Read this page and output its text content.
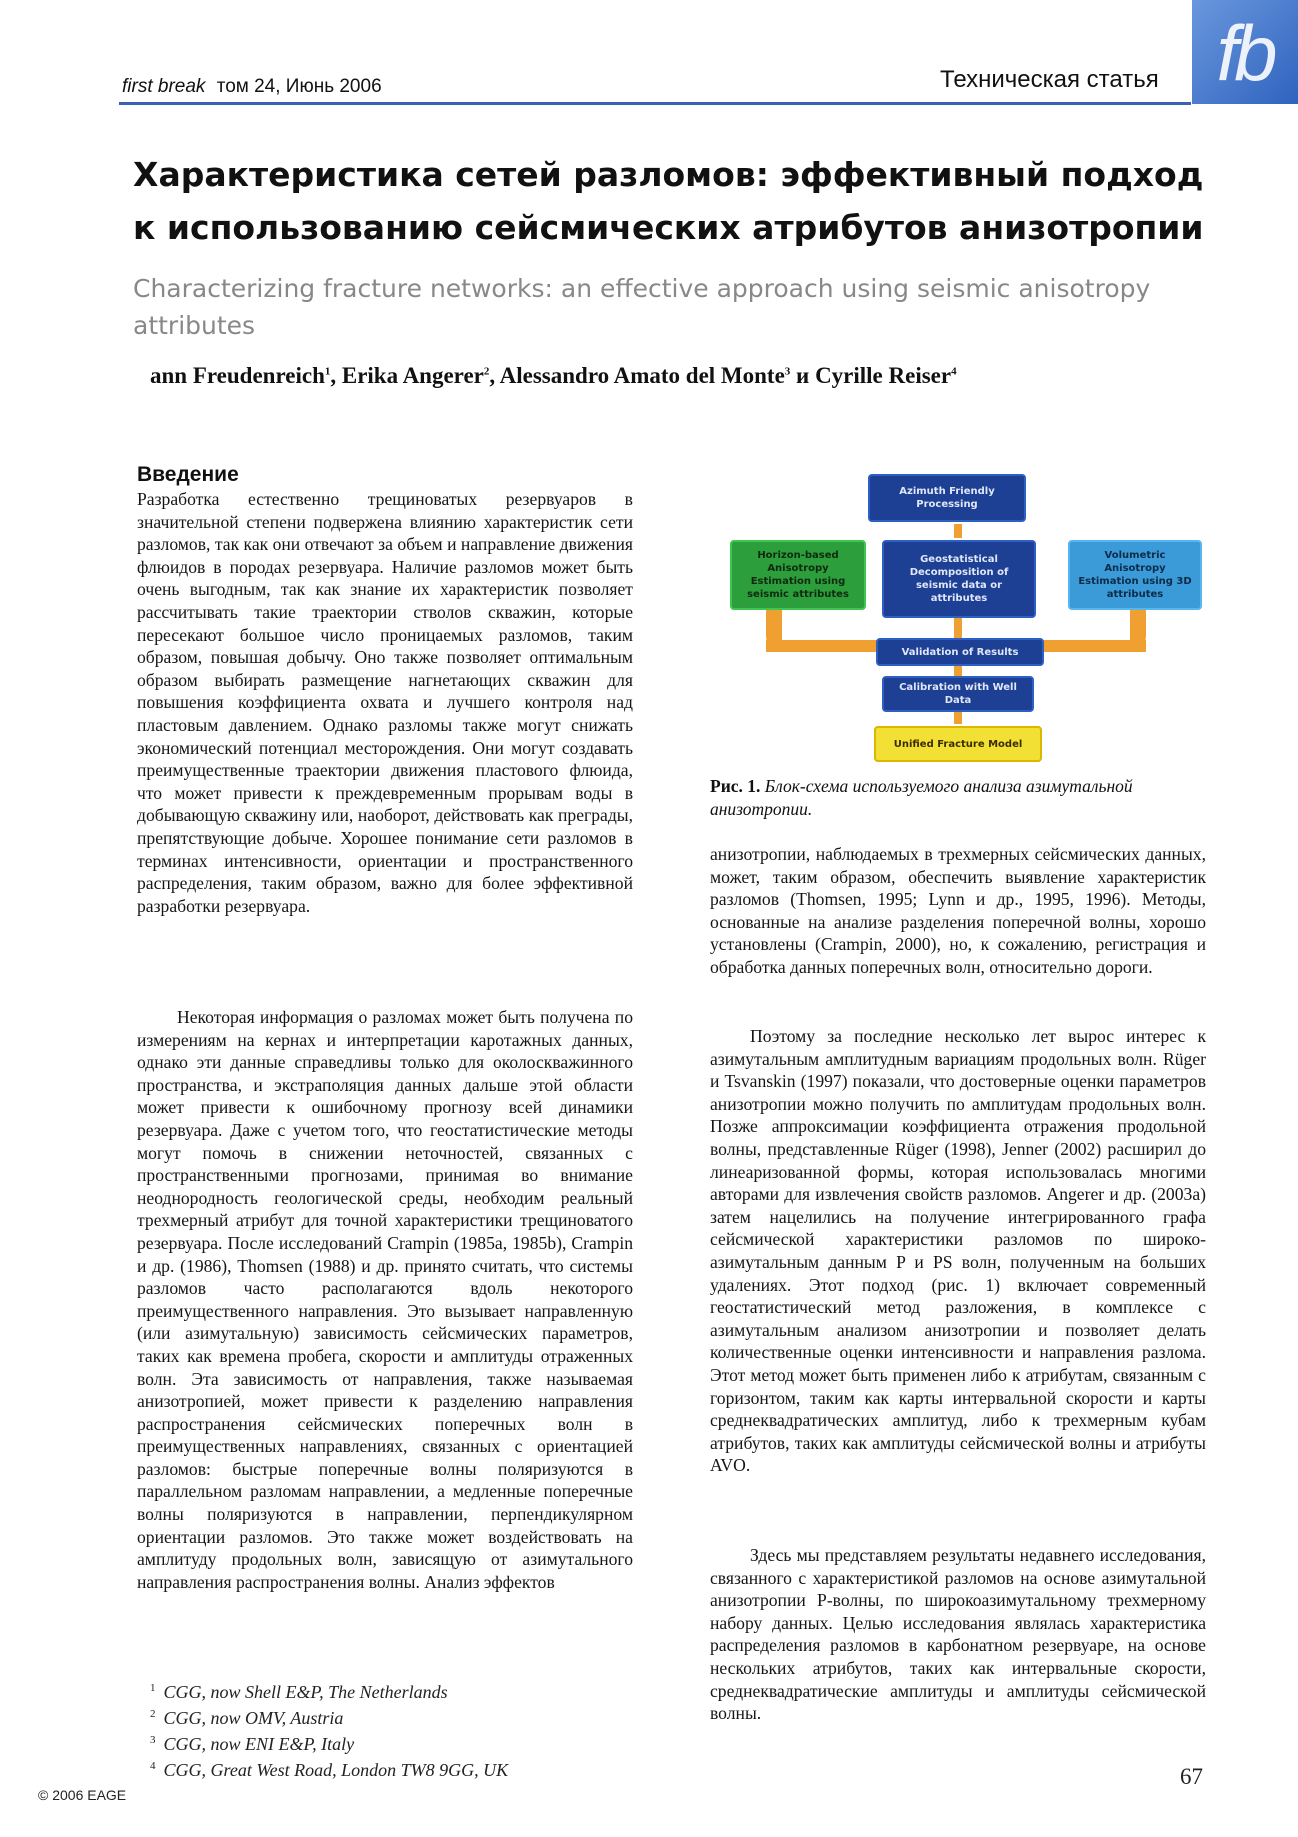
first break том 24, Июнь 2006	Техническая статья fb
Характеристика сетей разломов: эффективный подход
к использованию сейсмических атрибутов анизотропии
Characterizing fracture networks: an effective approach using seismic anisotropy attributes
ann Freudenreich$^1$, Erika Angerer$^2$, Alessandro Amato del Monte$^3$ и Cyrille Reiser$^4$
Введение

Разработка естественно трещиноватых резервуаров в значительной степени подвержена влиянию характеристик сети разломов, так как они отвечают за объем и направление движения флюидов в породах резервуара. Наличие разломов может быть очень выгодным, так как знание их характеристик позволяет рассчитывать такие траектории стволов скважин, которые пересекают большое число проницаемых разломов, таким образом, повышая добычу. Оно также позволяет оптимальным образом выбирать размещение нагнетающих скважин для повышения коэффициента охвата и лучшего контроля над пластовым давлением. Однако разломы также могут снижать экономический потенциал месторождения. Они могут создавать преимущественные траектории движения пластового флюида, что может привести к преждевременным прорывам воды в добывающую скважину или, наоборот, действовать как преграды, препятствующие добыче. Хорошее понимание сети разломов в терминах интенсивности, ориентации и пространственного распределения, таким образом, важно для более эффективной разработки резервуара.

Некоторая информация о разломах может быть получена по измерениям на кернах и интерпретации каротажных данных, однако эти данные справедливы только для околоскважинного пространства, и экстраполяция данных дальше этой области может привести к ошибочному прогнозу всей динамики резервуара. Даже с учетом того, что геостатистические методы могут помочь в снижении неточностей, связанных с пространственными прогнозами, принимая во внимание неоднородность геологической среды, необходим реальный трехмерный атрибут для точной характеристики трещиноватого резервуара. После исследований Crampin (1985a, 1985b), Crampin и др. (1986), Thomsen (1988) и др. принято считать, что системы разломов часто располагаются вдоль некоторого преимущественного направления. Это вызывает направленную (или азимутальную) зависимость сейсмических параметров, таких как времена пробега, скорости и амплитуды отраженных волн. Эта зависимость от направления, также называемая анизотропией, может привести к разделению направления распространения сейсмических поперечных волн в преимущественных направлениях, связанных с ориентацией разломов: быстрые поперечные волны поляризуются в параллельном разломам направлении, а медленные поперечные волны поляризуются в направлении, перпендикулярном ориентации разломов. Это также может воздействовать на амплитуду продольных волн, зависящую от азимутального направления распространения волны. Анализ эффектов

Azimuth Friendly Processing
Horizon-based Anisotropy Estimation using seismic attributes
Geostatistical Decomposition of seismic data or attributes
Volumetric Anisotropy Estimation using 3D attributes
Validation of Results
Calibration with Well Data
Unified Fracture Model
Рис. 1. Блок-схема используемого анализа азимутальной анизотропии.

анизотропии, наблюдаемых в трехмерных сейсмических данных, может, таким образом, обеспечить выявление характеристик разломов (Thomsen, 1995; Lynn и др., 1995, 1996). Методы, основанные на анализе разделения поперечной волны, хорошо установлены (Crampin, 2000), но, к сожалению, регистрация и обработка данных поперечных волн, относительно дороги.

Поэтому за последние несколько лет вырос интерес к азимутальным амплитудным вариациям продольных волн. Rüger и Tsvanskin (1997) показали, что достоверные оценки параметров анизотропии можно получить по амплитудам продольных волн. Позже аппроксимации коэффициента отражения продольной волны, представленные Rüger (1998), Jenner (2002) расширил до линеаризованной формы, которая использовалась многими авторами для извлечения свойств разломов. Angerer и др. (2003a) затем нацелились на получение интегрированного графа сейсмической характеристики разломов по широко-азимутальным данным P и PS волн, полученным на больших удалениях. Этот подход (рис. 1) включает современный геостатистический метод разложения, в комплексе с азимутальным анализом анизотропии и позволяет делать количественные оценки интенсивности и направления разлома. Этот метод может быть применен либо к атрибутам, связанным с горизонтом, таким как карты интервальной скорости и карты среднеквадратических амплитуд, либо к трехмерным кубам атрибутов, таких как амплитуды сейсмической волны и атрибуты AVO.

Здесь мы представляем результаты недавнего исследования, связанного с характеристикой разломов на основе азимутальной анизотропии P-волны, по широкоазимутальному трехмерному набору данных. Целью исследования являлась характеристика распределения разломов в карбонатном резервуаре, на основе нескольких атрибутов, таких как интервальные скорости, среднеквадратические амплитуды и амплитуды сейсмической волны.

$^1$ CGG, now Shell E&P, The Netherlands
$^2$ CGG, now OMV, Austria
$^3$ CGG, now ENI E&P, Italy
$^4$ CGG, Great West Road, London TW8 9GG, UK
© 2006 EAGE
67
